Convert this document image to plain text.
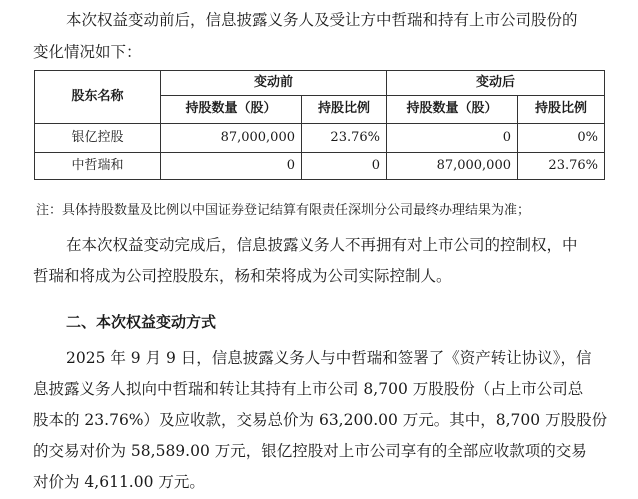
本次权益变动前后，信息披露义务人及受让方中哲瑞和持有上市公司股份的
变化情况如下：
股东名称	变动前		变动后	
	持股数量（股）	持股比例	持股数量（股）	持股比例
银亿控股	87,000,000	23.76%	0	0%
中哲瑞和	0	0	87,000,000	23.76%
注：具体持股数量及比例以中国证券登记结算有限责任深圳分公司最终办理结果为准；
在本次权益变动完成后，信息披露义务人不再拥有对上市公司的控制权，中
哲瑞和将成为公司控股股东，杨和荣将成为公司实际控制人。
二、本次权益变动方式
2025 年 9 月 9 日，信息披露义务人与中哲瑞和签署了《资产转让协议》，信
息披露义务人拟向中哲瑞和转让其持有上市公司 8,700 万股股份（占上市公司总
股本的 23.76%）及应收款，交易总价为 63,200.00 万元。其中，8,700 万股股份
的交易对价为 58,589.00 万元，银亿控股对上市公司享有的全部应收款项的交易
对价为 4,611.00 万元。
